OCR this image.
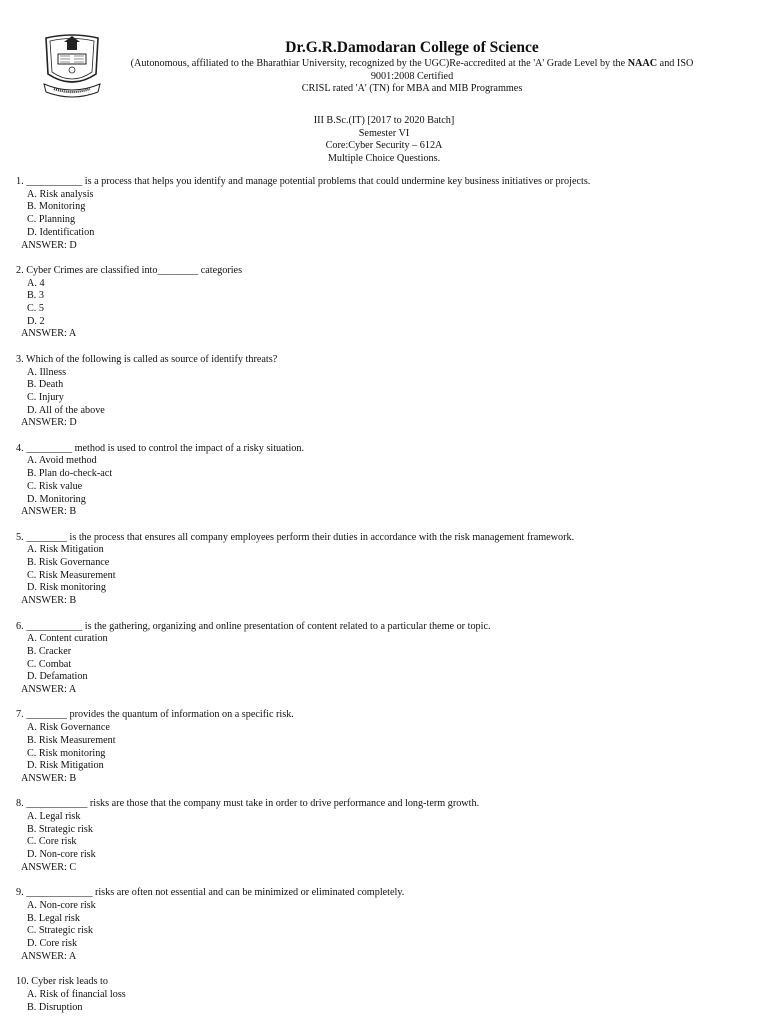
Dr.G.R.Damodaran College of Science
(Autonomous, affiliated to the Bharathiar University, recognized by the UGC)Re-accredited at the 'A' Grade Level by the NAAC and ISO
9001:2008 Certified
CRISL rated 'A' (TN) for MBA and MIB Programmes
III B.Sc.(IT) [2017 to 2020 Batch]
Semester VI
Core:Cyber Security – 612A
Multiple Choice Questions.
1. ___________ is a process that helps you identify and manage potential problems that could undermine key business initiatives or projects.
A. Risk analysis
B. Monitoring
C. Planning
D. Identification
ANSWER: D
2. Cyber Crimes are classified into________ categories
A. 4
B. 3
C. 5
D. 2
ANSWER: A
3. Which of the following is called as source of identify threats?
A. Illness
B. Death
C. Injury
D. All of the above
ANSWER: D
4. _________ method is used to control the impact of a risky situation.
A. Avoid method
B. Plan do-check-act
C. Risk value
D. Monitoring
ANSWER: B
5. ________ is the process that ensures all company employees perform their duties in accordance with the risk management framework.
A. Risk Mitigation
B. Risk Governance
C. Risk Measurement
D. Risk monitoring
ANSWER: B
6. ___________ is the gathering, organizing and online presentation of content related to a particular theme or topic.
A. Content curation
B. Cracker
C. Combat
D. Defamation
ANSWER: A
7. ________ provides the quantum of information on a specific risk.
A. Risk Governance
B. Risk Measurement
C. Risk monitoring
D. Risk Mitigation
ANSWER: B
8. ____________ risks are those that the company must take in order to drive performance and long-term growth.
A. Legal risk
B. Strategic risk
C. Core risk
D. Non-core risk
ANSWER: C
9. _____________ risks are often not essential and can be minimized or eliminated completely.
A. Non-core risk
B. Legal risk
C. Strategic risk
D. Core risk
ANSWER: A
10. Cyber risk leads to
A. Risk of financial loss
B. Disruption
